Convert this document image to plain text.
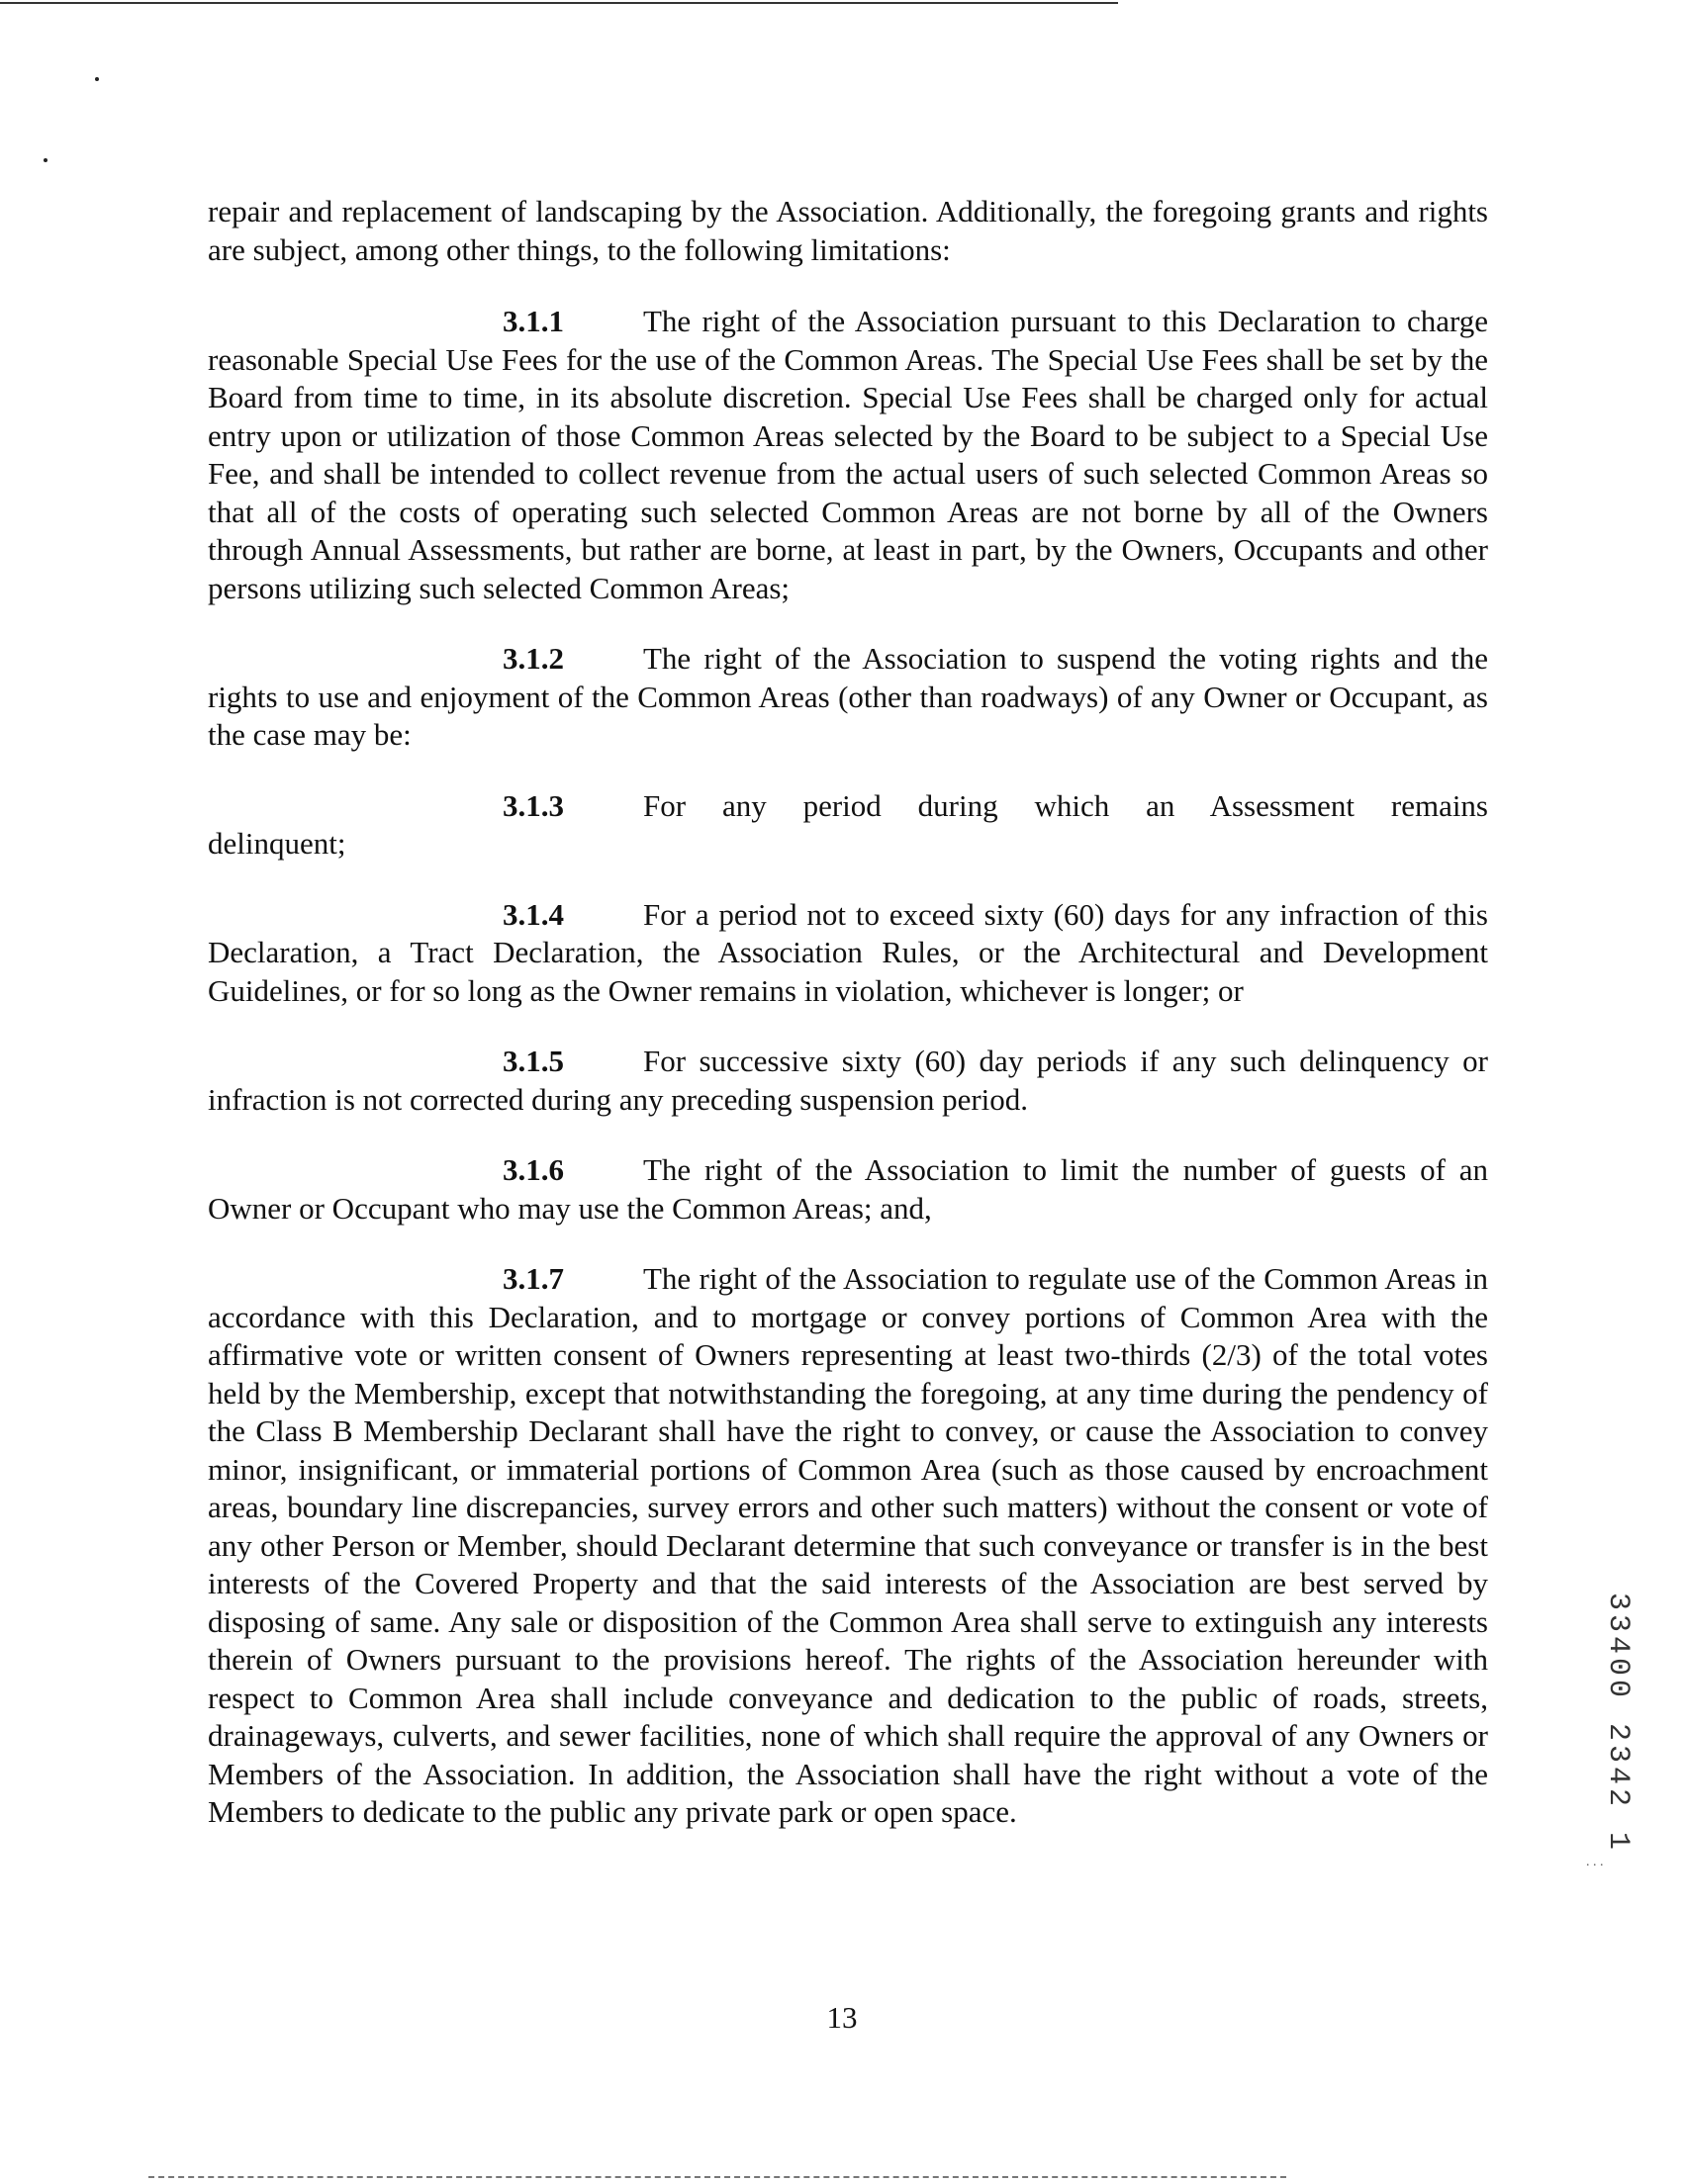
repair and replacement of landscaping by the Association. Additionally, the foregoing grants and rights are subject, among other things, to the following limitations:

3.1.1	The right of the Association pursuant to this Declaration to charge reasonable Special Use Fees for the use of the Common Areas. The Special Use Fees shall be set by the Board from time to time, in its absolute discretion. Special Use Fees shall be charged only for actual entry upon or utilization of those Common Areas selected by the Board to be subject to a Special Use Fee, and shall be intended to collect revenue from the actual users of such selected Common Areas so that all of the costs of operating such selected Common Areas are not borne by all of the Owners through Annual Assessments, but rather are borne, at least in part, by the Owners, Occupants and other persons utilizing such selected Common Areas;

3.1.2	The right of the Association to suspend the voting rights and the rights to use and enjoyment of the Common Areas (other than roadways) of any Owner or Occupant, as the case may be:

3.1.3	For any period during which an Assessment remains
delinquent;

3.1.4	For a period not to exceed sixty (60) days for any infraction of this Declaration, a Tract Declaration, the Association Rules, or the Architectural and Development Guidelines, or for so long as the Owner remains in violation, whichever is longer; or

3.1.5	For successive sixty (60) day periods if any such delinquency or infraction is not corrected during any preceding suspension period.

3.1.6	The right of the Association to limit the number of guests of an Owner or Occupant who may use the Common Areas; and,

3.1.7	The right of the Association to regulate use of the Common Areas in accordance with this Declaration, and to mortgage or convey portions of Common Area with the affirmative vote or written consent of Owners representing at least two-thirds (2/3) of the total votes held by the Membership, except that notwithstanding the foregoing, at any time during the pendency of the Class B Membership Declarant shall have the right to convey, or cause the Association to convey minor, insignificant, or immaterial portions of Common Area (such as those caused by encroachment areas, boundary line discrepancies, survey errors and other such matters) without the consent or vote of any other Person or Member, should Declarant determine that such conveyance or transfer is in the best interests of the Covered Property and that the said interests of the Association are best served by disposing of same. Any sale or disposition of the Common Area shall serve to extinguish any interests therein of Owners pursuant to the provisions hereof. The rights of the Association hereunder with respect to Common Area shall include conveyance and dedication to the public of roads, streets, drainageways, culverts, and sewer facilities, none of which shall require the approval of any Owners or Members of the Association. In addition, the Association shall have the right without a vote of the Members to dedicate to the public any private park or open space.

13
33400 2342 1
. . .
